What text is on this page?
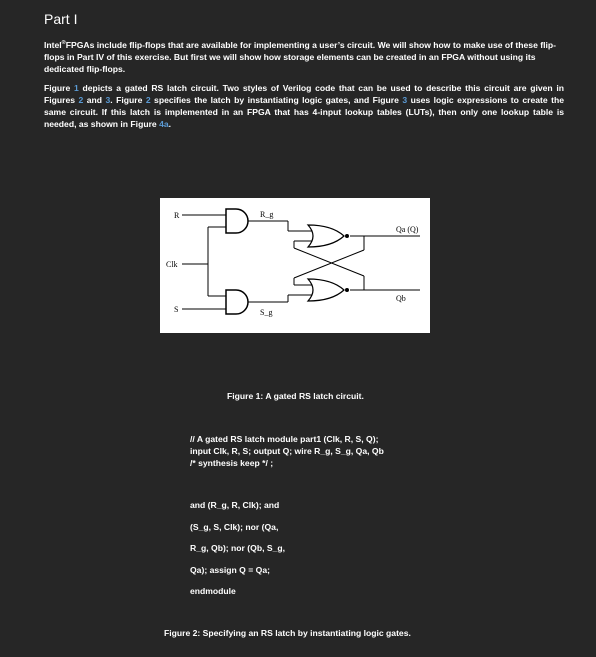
Part I

Intel®FPGAs include flip-flops that are available for implementing a user’s circuit. We will show how to make use of these flip-flops in Part IV of this exercise. But first we will show how storage elements can be created in an FPGA without using its dedicated flip-flops.

Figure 1 depicts a gated RS latch circuit. Two styles of Verilog code that can be used to describe this circuit are given in Figures 2 and 3. Figure 2 specifies the latch by instantiating logic gates, and Figure 3 uses logic expressions to create the same circuit. If this latch is implemented in an FPGA that has 4-input lookup tables (LUTs), then only one lookup table is needed, as shown in Figure 4a.

R
Clk
S
R_g
S_g
Qa (Q)
Qb
Figure 1: A gated RS latch circuit.
// A gated RS latch module part1 (Clk, R, S, Q);
input Clk, R, S; output Q; wire R_g, S_g, Qa, Qb
/* synthesis keep */ ;
and (R_g, R, Clk); and
(S_g, S, Clk); nor (Qa,
R_g, Qb); nor (Qb, S_g,
Qa); assign Q = Qa;
endmodule
Figure 2: Specifying an RS latch by instantiating logic gates.
